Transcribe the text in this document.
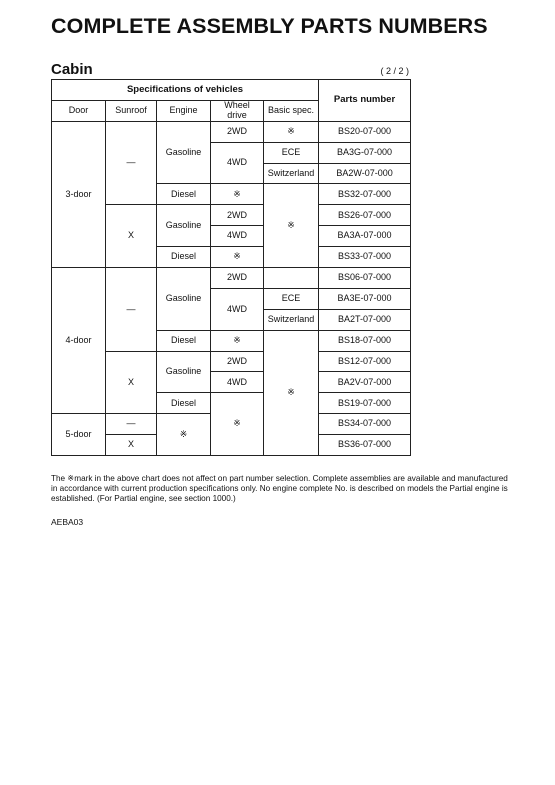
COMPLETE ASSEMBLY PARTS NUMBERS
Cabin	( 2 / 2 )
Specifications of vehicles					Parts number
Door	Sunroof	Engine	Wheel drive	Basic spec.	
3-door	—	Gasoline	2WD	※	BS20-07-000
			4WD	ECE	BA3G-07-000
				Switzerland	BA2W-07-000
		Diesel	※	※	BS32-07-000
	X	Gasoline	2WD		BS26-07-000
			4WD		BA3A-07-000
		Diesel	※		BS33-07-000
4-door	—	Gasoline	2WD		BS06-07-000
			4WD	ECE	BA3E-07-000
				Switzerland	BA2T-07-000
		Diesel	※	※	BS18-07-000
	X	Gasoline	2WD		BS12-07-000
			4WD		BA2V-07-000
		Diesel	※		BS19-07-000
5-door	—	※			BS34-07-000
	X				BS36-07-000
The ※mark in the above chart does not affect on part number selection. Complete assemblies are available and manufactured in accordance with current production specifications only. No engine complete No. is described on models the Partial engine is established. (For Partial engine, see section 1000.)
AEBA03
